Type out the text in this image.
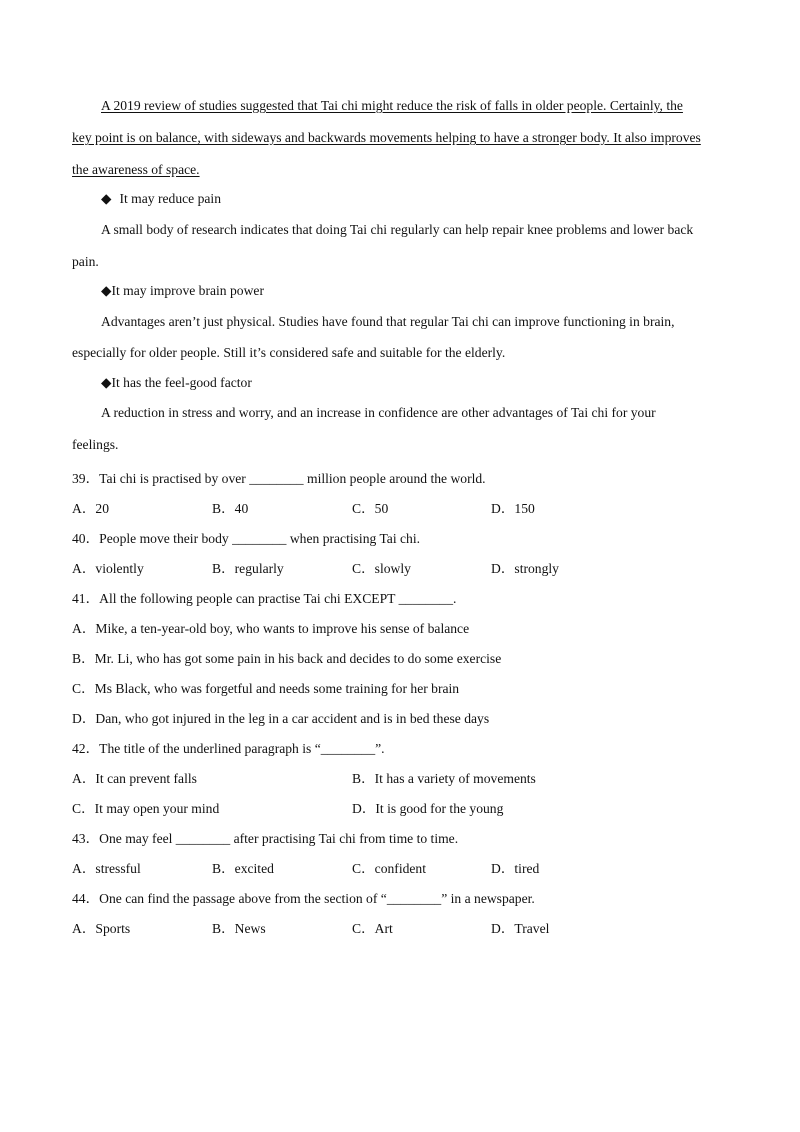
A 2019 review of studies suggested that Tai chi might reduce the risk of falls in older people. Certainly, the
key point is on balance, with sideways and backwards movements helping to have a stronger body. It also improves
the awareness of space.
◆ It may reduce pain
A small body of research indicates that doing Tai chi regularly can help repair knee problems and lower back
pain.
◆It may improve brain power
Advantages aren’t just physical. Studies have found that regular Tai chi can improve functioning in brain,
especially for older people. Still it’s considered safe and suitable for the elderly.
◆It has the feel-good factor
A reduction in stress and worry, and an increase in confidence are other advantages of Tai chi for your
feelings.
39．Tai chi is practised by over ________ million people around the world.
A．20	B．40	C．50	D．150
40．People move their body ________ when practising Tai chi.
A．violently	B．regularly	C．slowly	D．strongly
41．All the following people can practise Tai chi EXCEPT ________.
A．Mike, a ten-year-old boy, who wants to improve his sense of balance
B．Mr. Li, who has got some pain in his back and decides to do some exercise
C．Ms Black, who was forgetful and needs some training for her brain
D．Dan, who got injured in the leg in a car accident and is in bed these days
42．The title of the underlined paragraph is “________”.
A．It can prevent falls	B．It has a variety of movements
C．It may open your mind	D．It is good for the young
43．One may feel ________ after practising Tai chi from time to time.
A．stressful	B．excited	C．confident	D．tired
44．One can find the passage above from the section of “________” in a newspaper.
A．Sports	B．News	C．Art	D．Travel
